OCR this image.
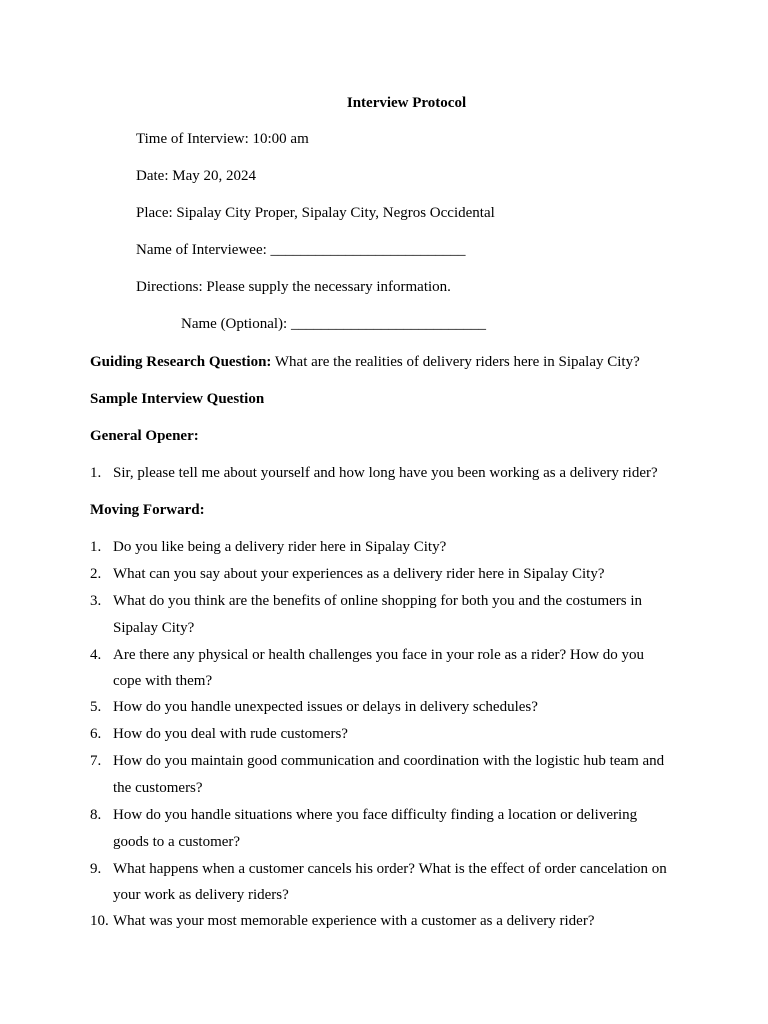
Interview Protocol
Time of Interview: 10:00 am
Date: May 20, 2024
Place: Sipalay City Proper, Sipalay City, Negros Occidental
Name of Interviewee: __________________________
Directions: Please supply the necessary information.
Name (Optional): __________________________
Guiding Research Question: What are the realities of delivery riders here in Sipalay City?
Sample Interview Question
General Opener:
1. Sir, please tell me about yourself and how long have you been working as a delivery rider?
Moving Forward:
1. Do you like being a delivery rider here in Sipalay City?
2. What can you say about your experiences as a delivery rider here in Sipalay City?
3. What do you think are the benefits of online shopping for both you and the costumers in
Sipalay City?
4. Are there any physical or health challenges you face in your role as a rider? How do you
cope with them?
5. How do you handle unexpected issues or delays in delivery schedules?
6. How do you deal with rude customers?
7. How do you maintain good communication and coordination with the logistic hub team and
the customers?
8. How do you handle situations where you face difficulty finding a location or delivering
goods to a customer?
9. What happens when a customer cancels his order? What is the effect of order cancelation on
your work as delivery riders?
10. What was your most memorable experience with a customer as a delivery rider?
